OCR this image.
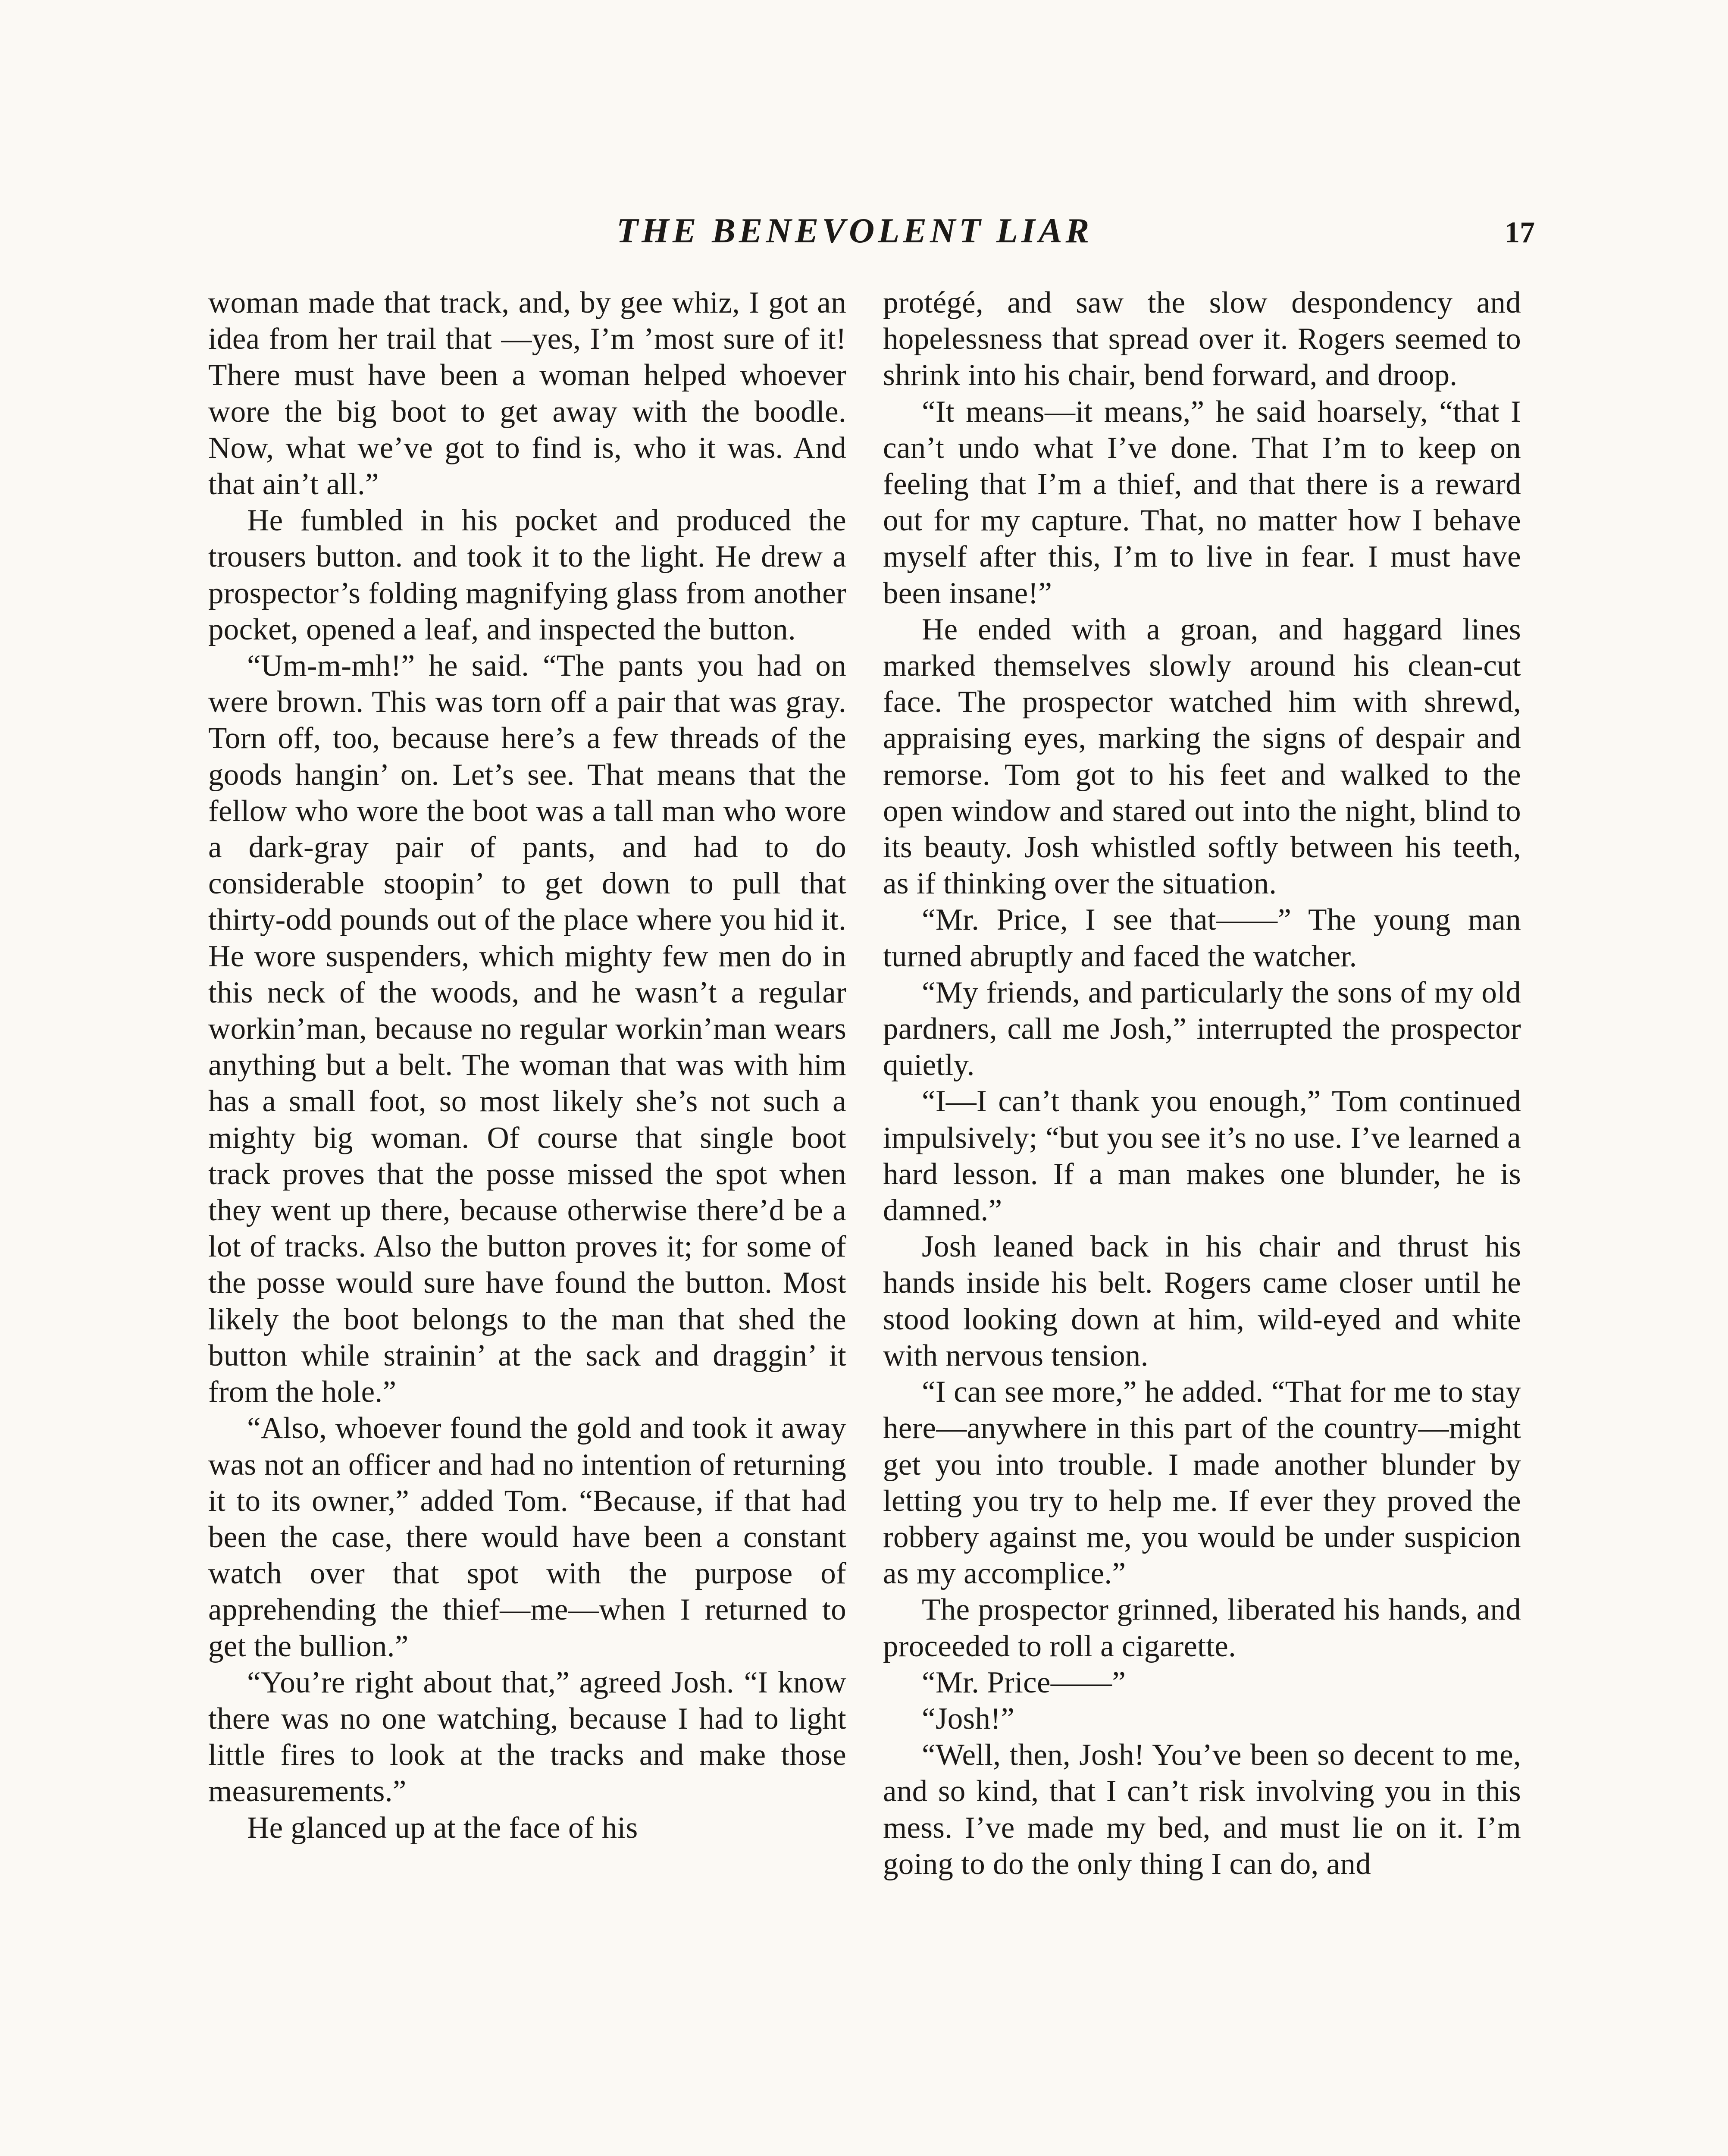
THE BENEVOLENT LIAR	17

woman made that track, and, by gee whiz, I got an idea from her trail that —yes, I’m ’most sure of it! There must have been a woman helped whoever wore the big boot to get away with the boodle. Now, what we’ve got to find is, who it was. And that ain’t all.”

He fumbled in his pocket and produced the trousers button. and took it to the light. He drew a prospector’s folding magnifying glass from another pocket, opened a leaf, and inspected the button.

“Um-m-mh!” he said. “The pants you had on were brown. This was torn off a pair that was gray. Torn off, too, because here’s a few threads of the goods hangin’ on. Let’s see. That means that the fellow who wore the boot was a tall man who wore a dark-gray pair of pants, and had to do considerable stoopin’ to get down to pull that thirty-odd pounds out of the place where you hid it. He wore suspenders, which mighty few men do in this neck of the woods, and he wasn’t a regular workin’man, because no regular workin’man wears anything but a belt. The woman that was with him has a small foot, so most likely she’s not such a mighty big woman. Of course that single boot track proves that the posse missed the spot when they went up there, because otherwise there’d be a lot of tracks. Also the button proves it; for some of the posse would sure have found the button. Most likely the boot belongs to the man that shed the button while strainin’ at the sack and draggin’ it from the hole.”

“Also, whoever found the gold and took it away was not an officer and had no intention of returning it to its owner,” added Tom. “Because, if that had been the case, there would have been a constant watch over that spot with the purpose of apprehending the thief—me—when I returned to get the bullion.”

“You’re right about that,” agreed Josh. “I know there was no one watching, because I had to light little fires to look at the tracks and make those measurements.”

He glanced up at the face of his

protégé, and saw the slow despondency and hopelessness that spread over it. Rogers seemed to shrink into his chair, bend forward, and droop.

“It means—it means,” he said hoarsely, “that I can’t undo what I’ve done. That I’m to keep on feeling that I’m a thief, and that there is a reward out for my capture. That, no matter how I behave myself after this, I’m to live in fear. I must have been insane!”

He ended with a groan, and haggard lines marked themselves slowly around his clean-cut face. The prospector watched him with shrewd, appraising eyes, marking the signs of despair and remorse. Tom got to his feet and walked to the open window and stared out into the night, blind to its beauty. Josh whistled softly between his teeth, as if thinking over the situation.

“Mr. Price, I see that——” The young man turned abruptly and faced the watcher.

“My friends, and particularly the sons of my old pardners, call me Josh,” interrupted the prospector quietly.

“I—I can’t thank you enough,” Tom continued impulsively; “but you see it’s no use. I’ve learned a hard lesson. If a man makes one blunder, he is damned.”

Josh leaned back in his chair and thrust his hands inside his belt. Rogers came closer until he stood looking down at him, wild-eyed and white with nervous tension.

“I can see more,” he added. “That for me to stay here—anywhere in this part of the country—might get you into trouble. I made another blunder by letting you try to help me. If ever they proved the robbery against me, you would be under suspicion as my accomplice.”

The prospector grinned, liberated his hands, and proceeded to roll a cigarette.

“Mr. Price——”

“Josh!”

“Well, then, Josh! You’ve been so decent to me, and so kind, that I can’t risk involving you in this mess. I’ve made my bed, and must lie on it. I’m going to do the only thing I can do, and
